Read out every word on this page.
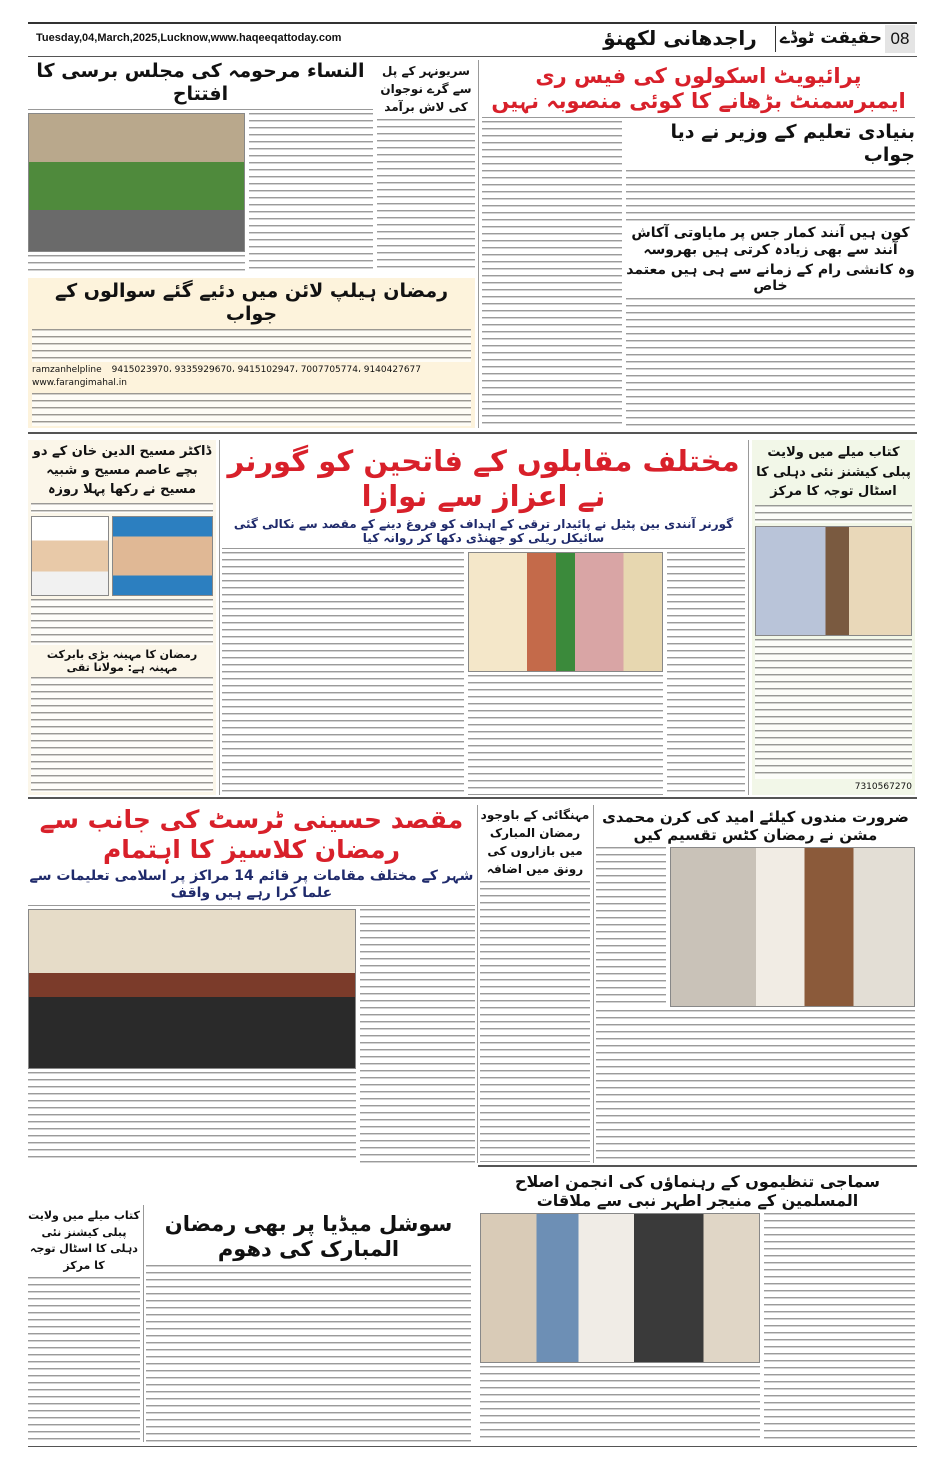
Tuesday,04,March,2025,Lucknow,www.haqeeqattoday.com	راجدھانی لکھنؤ	حقیقت ٹوڈے 08
النساء مرحومہ کی مجلس برسی کا افتتاح
سریونہر کے پل سے گرے نوجوان کی لاش برآمد
رمضان ہیلپ لائن میں دئیے گئے سوالوں کے جواب
ramzanhelpline 9415023970، 9335929670، 9415102947، 7007705774، 9140427677
www.farangimahal.in
پرائیویٹ اسکولوں کی فیس ری ایمبرسمنٹ بڑھانے کا کوئی منصوبہ نہیں
بنیادی تعلیم کے وزیر نے دیا جواب
کون ہیں آنند کمار جس پر مایاوتی آکاش آنند سے بھی زیادہ کرتی ہیں بھروسہ
وہ کانشی رام کے زمانے سے ہی ہیں معتمد خاص
ڈاکٹر مسیح الدین خان کے دو بچے عاصم مسیح و شبیہ مسیح نے رکھا پہلا روزہ
رمضان کا مہینہ بڑی بابرکت مہینہ ہے: مولانا تقی
مختلف مقابلوں کے فاتحین کو گورنر نے اعزاز سے نوازا
گورنر آنندی بین پٹیل نے پائیدار ترقی کے اہداف کو فروغ دینے کے مقصد سے نکالی گئی سائیکل ریلی کو جھنڈی دکھا کر روانہ کیا
کتاب میلے میں ولایت پبلی کیشنز نئی دہلی کا اسٹال توجہ کا مرکز
7310567270
مقصد حسینی ٹرسٹ کی جانب سے رمضان کلاسیز کا اہتمام
شہر کے مختلف مقامات پر قائم 14 مراکز پر اسلامی تعلیمات سے علما کرا رہے ہیں واقف
مہنگائی کے باوجود رمضان المبارک میں بازاروں کی رونق میں اضافہ
ضرورت مندوں کیلئے امید کی کرن محمدی مشن نے رمضان کٹس تقسیم کیں
سماجی تنظیموں کے رہنماؤں کی انجمن اصلاح المسلمین کے منیجر اطہر نبی سے ملاقات
کتاب میلے میں ولایت پبلی کیشنز نئی دہلی کا اسٹال توجہ کا مرکز
سوشل میڈیا پر بھی رمضان المبارک کی دھوم
